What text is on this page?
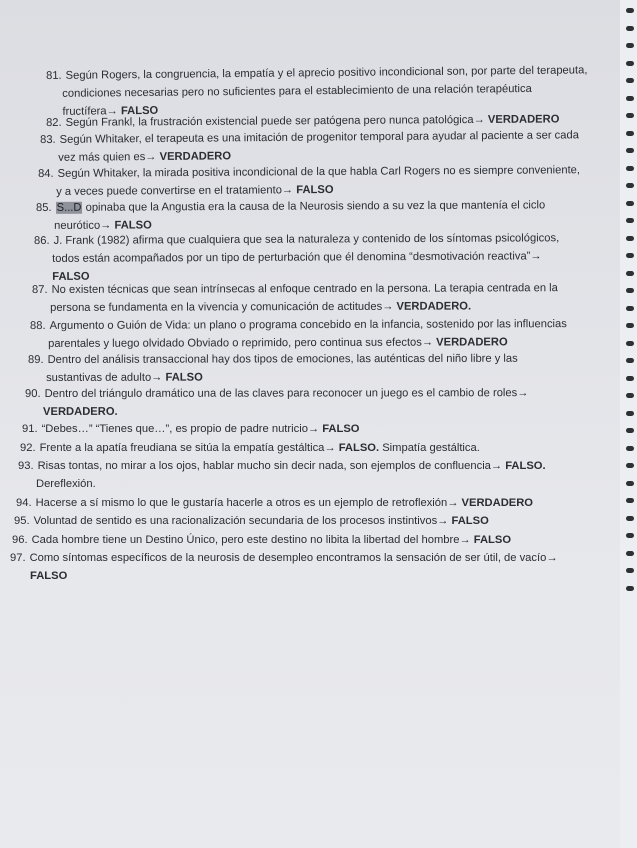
81.Según Rogers, la congruencia, la empatía y el aprecio positivo incondicional son, por parte del terapeuta,
condiciones necesarias pero no suficientes para el establecimiento de una relación terapéutica
fructífera→ FALSO
82.Según Frankl, la frustración existencial puede ser patógena pero nunca patológica→ VERDADERO
83.Según Whitaker, el terapeuta es una imitación de progenitor temporal para ayudar al paciente a ser cada
vez más quien es→ VERDADERO
84.Según Whitaker, la mirada positiva incondicional de la que habla Carl Rogers no es siempre conveniente,
y a veces puede convertirse en el tratamiento→ FALSO
85.S...D opinaba que la Angustia era la causa de la Neurosis siendo a su vez la que mantenía el ciclo
neurótico→ FALSO
86.J. Frank (1982) afirma que cualquiera que sea la naturaleza y contenido de los síntomas psicológicos,
todos están acompañados por un tipo de perturbación que él denomina “desmotivación reactiva”→
FALSO
87.No existen técnicas que sean intrínsecas al enfoque centrado en la persona. La terapia centrada en la
persona se fundamenta en la vivencia y comunicación de actitudes→ VERDADERO.
88.Argumento o Guión de Vida: un plano o programa concebido en la infancia, sostenido por las influencias
parentales y luego olvidado Obviado o reprimido, pero continua sus efectos→ VERDADERO
89.Dentro del análisis transaccional hay dos tipos de emociones, las auténticas del niño libre y las
sustantivas de adulto→ FALSO
90.Dentro del triángulo dramático una de las claves para reconocer un juego es el cambio de roles→
VERDADERO.
91.“Debes…” “Tienes que…”, es propio de padre nutricio→ FALSO
92.Frente a la apatía freudiana se sitúa la empatía gestáltica→ FALSO. Simpatía gestáltica.
93.Risas tontas, no mirar a los ojos, hablar mucho sin decir nada, son ejemplos de confluencia→ FALSO.
Dereflexión.
94.Hacerse a sí mismo lo que le gustaría hacerle a otros es un ejemplo de retroflexión→ VERDADERO
95.Voluntad de sentido es una racionalización secundaria de los procesos instintivos→ FALSO
96.Cada hombre tiene un Destino Único, pero este destino no libita la libertad del hombre→ FALSO
97.Como síntomas específicos de la neurosis de desempleo encontramos la sensación de ser útil, de vacío→
FALSO
